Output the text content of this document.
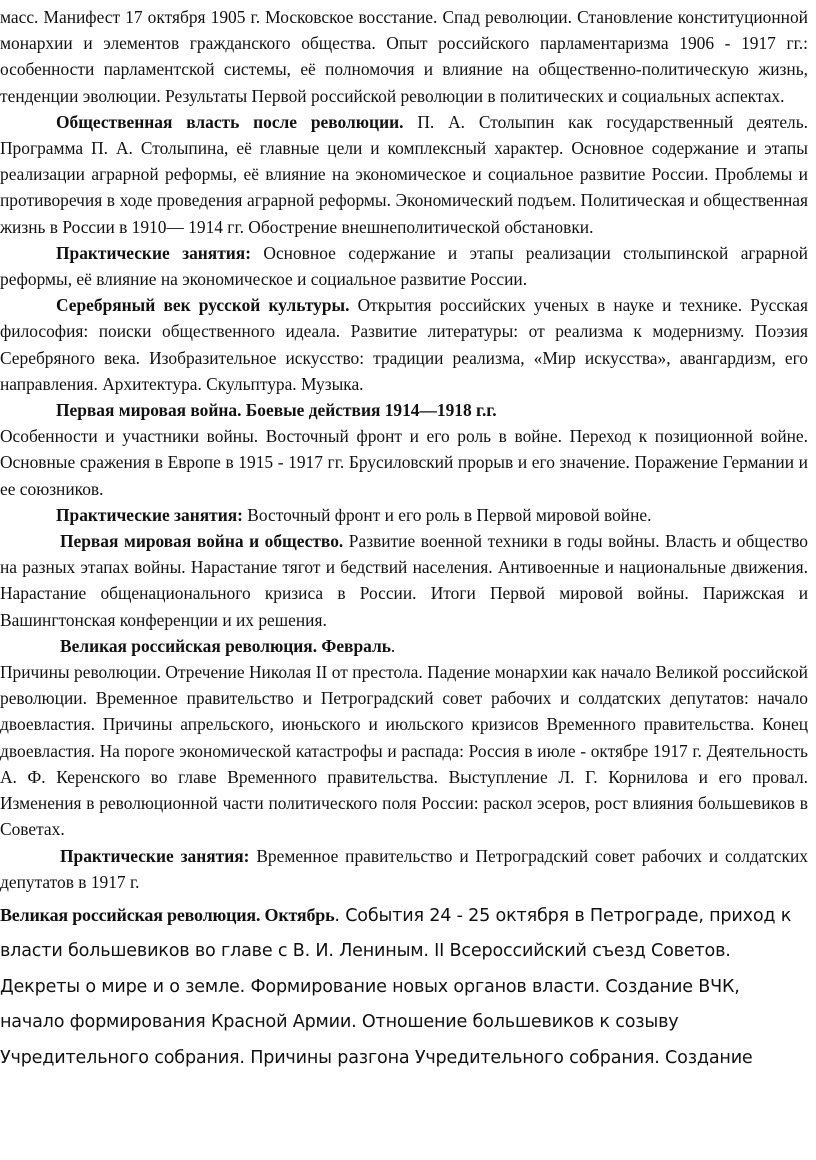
масс. Манифест 17 октября 1905 г. Московское восстание. Спад революции. Становление конституционной монархии и элементов гражданского общества. Опыт российского парламентаризма 1906 - 1917 гг.: особенности парламентской системы, её полномочия и влияние на общественно-политическую жизнь, тенденции эволюции. Результаты Первой российской революции в политических и социальных аспектах.

Общественная власть после революции. П. А. Столыпин как государственный деятель. Программа П. А. Столыпина, её главные цели и комплексный характер. Основное содержание и этапы реализации аграрной реформы, её влияние на экономическое и социальное развитие России. Проблемы и противоречия в ходе проведения аграрной реформы. Экономический подъем. Политическая и общественная жизнь в России в 1910— 1914 гг. Обострение внешнеполитической обстановки.

Практические занятия: Основное содержание и этапы реализации столыпинской аграрной реформы, её влияние на экономическое и социальное развитие России.

Серебряный век русской культуры. Открытия российских ученых в науке и технике. Русская философия: поиски общественного идеала. Развитие литературы: от реализма к модернизму. Поэзия Серебряного века. Изобразительное искусство: традиции реализма, «Мир искусства», авангардизм, его направления. Архитектура. Скульптура. Музыка.

Первая мировая война. Боевые действия 1914—1918 г.г.

Особенности и участники войны. Восточный фронт и его роль в войне. Переход к позиционной войне. Основные сражения в Европе в 1915 - 1917 гг. Брусиловский прорыв и его значение. Поражение Германии и ее союзников.

Практические занятия: Восточный фронт и его роль в Первой мировой войне.

Первая мировая война и общество. Развитие военной техники в годы войны. Власть и общество на разных этапах войны. Нарастание тягот и бедствий населения. Антивоенные и национальные движения. Нарастание общенационального кризиса в России. Итоги Первой мировой войны. Парижская и Вашингтонская конференции и их решения.

Великая российская революция. Февраль.

Причины революции. Отречение Николая II от престола. Падение монархии как начало Великой российской революции. Временное правительство и Петроградский совет рабочих и солдатских депутатов: начало двоевластия. Причины апрельского, июньского и июльского кризисов Временного правительства. Конец двоевластия. На пороге экономической катастрофы и распада: Россия в июле - октябре 1917 г. Деятельность А. Ф. Керенского во главе Временного правительства. Выступление Л. Г. Корнилова и его провал. Изменения в революционной части политического поля России: раскол эсеров, рост влияния большевиков в Советах.

Практические занятия: Временное правительство и Петроградский совет рабочих и солдатских депутатов в 1917 г.

Великая российская революция. Октябрь. События 24 - 25 октября в Петрограде, приход к власти большевиков во главе с В. И. Лениным. II Всероссийский съезд Советов. Декреты о мире и о земле. Формирование новых органов власти. Создание ВЧК, начало формирования Красной Армии. Отношение большевиков к созыву Учредительного собрания. Причины разгона Учредительного собрания. Создание
